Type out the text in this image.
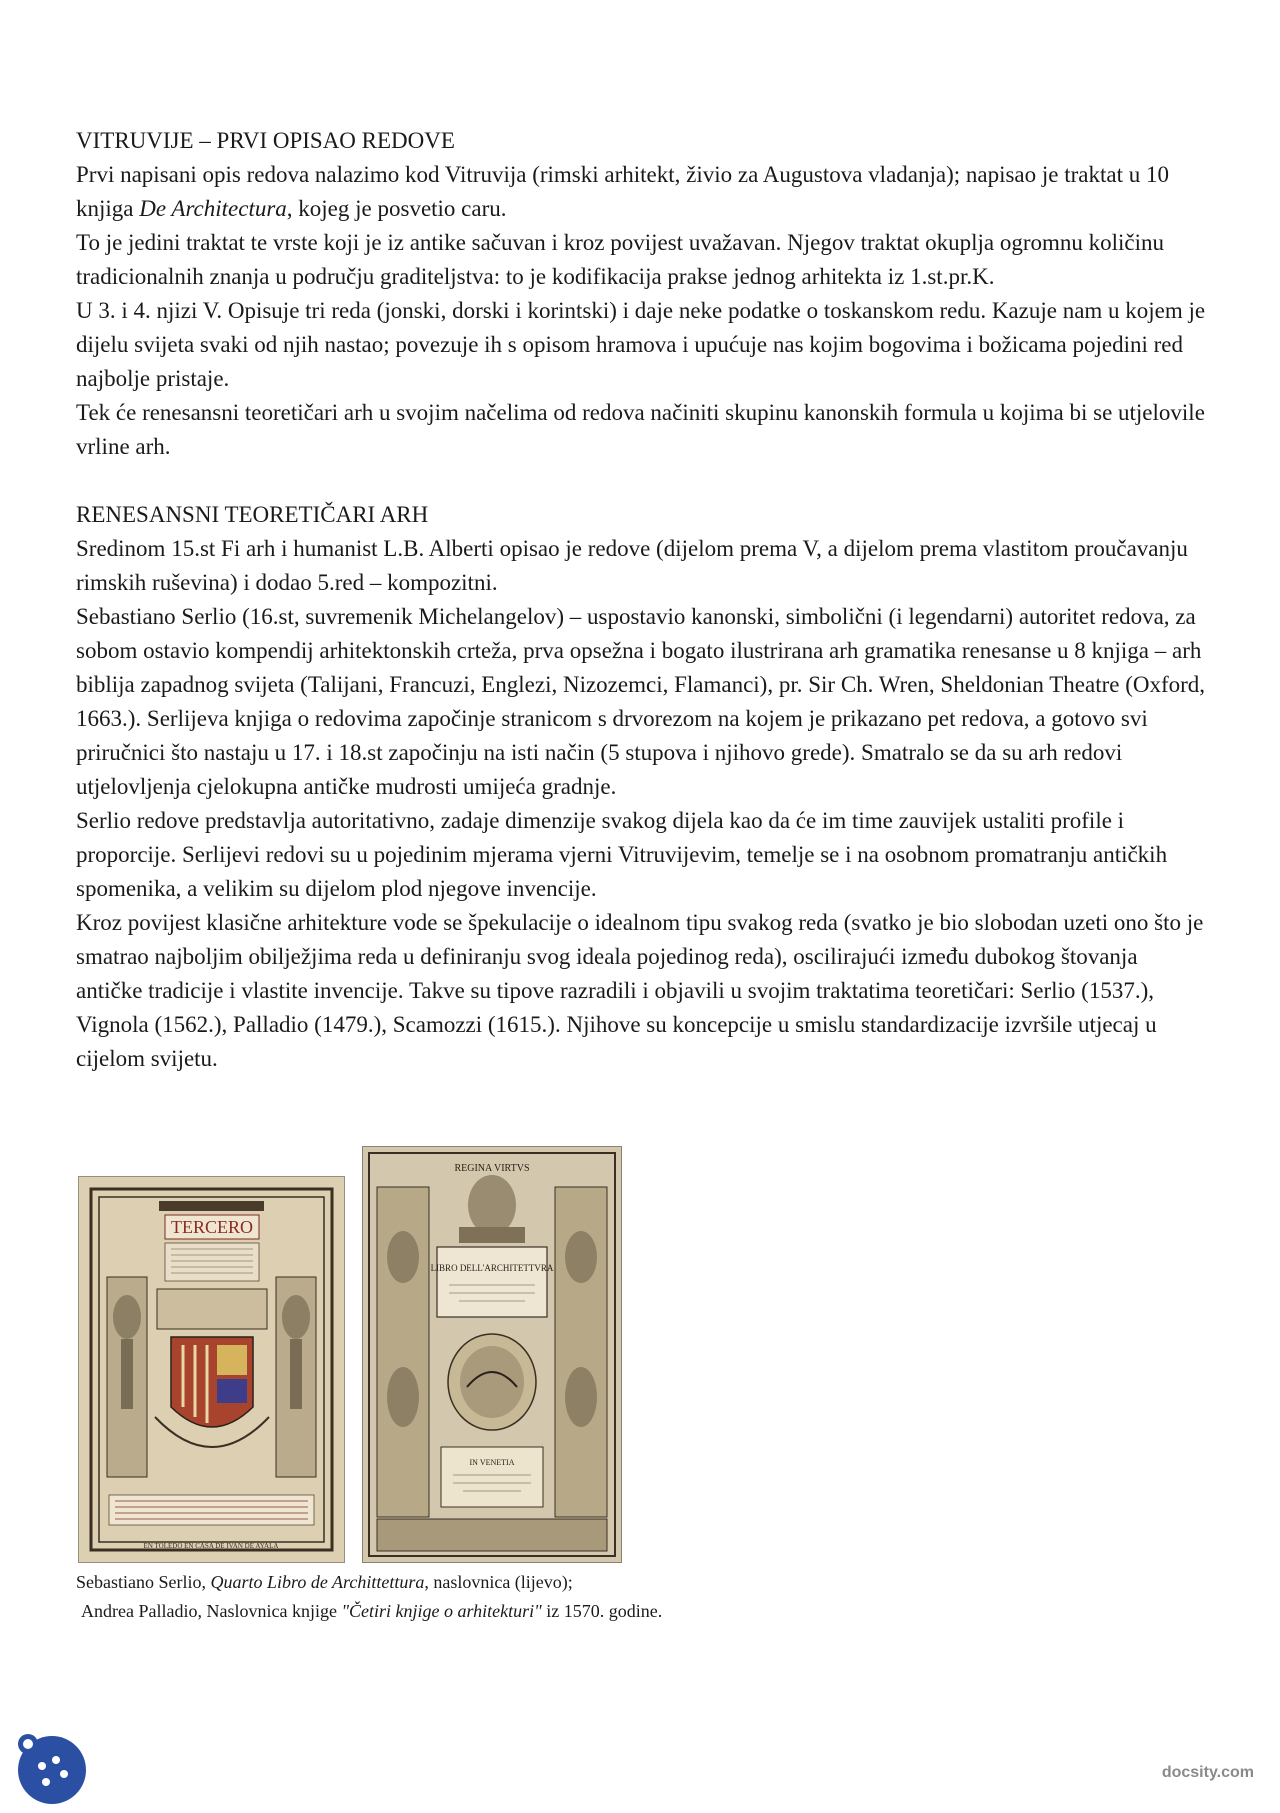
VITRUVIJE – PRVI OPISAO REDOVE

Prvi napisani opis redova nalazimo kod Vitruvija (rimski arhitekt, živio za Augustova vladanja); napisao je traktat u 10 knjiga De Architectura, kojeg je posvetio caru.

To je jedini traktat te vrste koji je iz antike sačuvan i kroz povijest uvažavan. Njegov traktat okuplja ogromnu količinu tradicionalnih znanja u području graditeljstva: to je kodifikacija prakse jednog arhitekta iz 1.st.pr.K.

U 3. i 4. njizi V. Opisuje tri reda (jonski, dorski i korintski) i daje neke podatke o toskanskom redu. Kazuje nam u kojem je dijelu svijeta svaki od njih nastao; povezuje ih s opisom hramova i upućuje nas kojim bogovima i božicama pojedini red najbolje pristaje.

Tek će renesansni teoretičari arh u svojim načelima od redova načiniti skupinu kanonskih formula u kojima bi se utjelovile vrline arh.

RENESANSNI TEORETIČARI ARH

Sredinom 15.st Fi arh i humanist L.B. Alberti opisao je redove (dijelom prema V, a dijelom prema vlastitom proučavanju rimskih ruševina) i dodao 5.red – kompozitni.

Sebastiano Serlio (16.st, suvremenik Michelangelov) – uspostavio kanonski, simbolični (i legendarni) autoritet redova, za sobom ostavio kompendij arhitektonskih crteža, prva opsežna i bogato ilustrirana arh gramatika renesanse u 8 knjiga – arh biblija zapadnog svijeta (Talijani, Francuzi, Englezi, Nizozemci, Flamanci), pr. Sir Ch. Wren, Sheldonian Theatre (Oxford, 1663.). Serlijeva knjiga o redovima započinje stranicom s drvorezom na kojem je prikazano pet redova, a gotovo svi priručnici što nastaju u 17. i 18.st započinju na isti način (5 stupova i njihovo grede). Smatralo se da su arh redovi utjelovljenja cjelokupna antičke mudrosti umijeća gradnje.

Serlio redove predstavlja autoritativno, zadaje dimenzije svakog dijela kao da će im time zauvijek ustaliti profile i proporcije. Serlijevi redovi su u pojedinim mjerama vjerni Vitruvijevim, temelje se i na osobnom promatranju antičkih spomenika, a velikim su dijelom plod njegove invencije.

Kroz povijest klasične arhitekture vode se špekulacije o idealnom tipu svakog reda (svatko je bio slobodan uzeti ono što je smatrao najboljim obilježjima reda u definiranju svog ideala pojedinog reda), oscilirajući između dubokog štovanja antičke tradicije i vlastite invencije. Takve su tipove razradili i objavili u svojim traktatima teoretičari: Serlio (1537.), Vignola (1562.), Palladio (1479.), Scamozzi (1615.). Njihove su koncepcije u smislu standardizacije izvršile utjecaj u cijelom svijetu.

TERCERO
EN TOLEDO EN CASA DE IVAN DE AYALA
REGINA VIRTVS
LIBRO DELL'ARCHITETTVRA
IN VENETIA
Sebastiano Serlio, Quarto Libro de Archittettura, naslovnica (lijevo);
Andrea Palladio, Naslovnica knjige "Četiri knjige o arhitekturi" iz 1570. godine.
docsity.com
